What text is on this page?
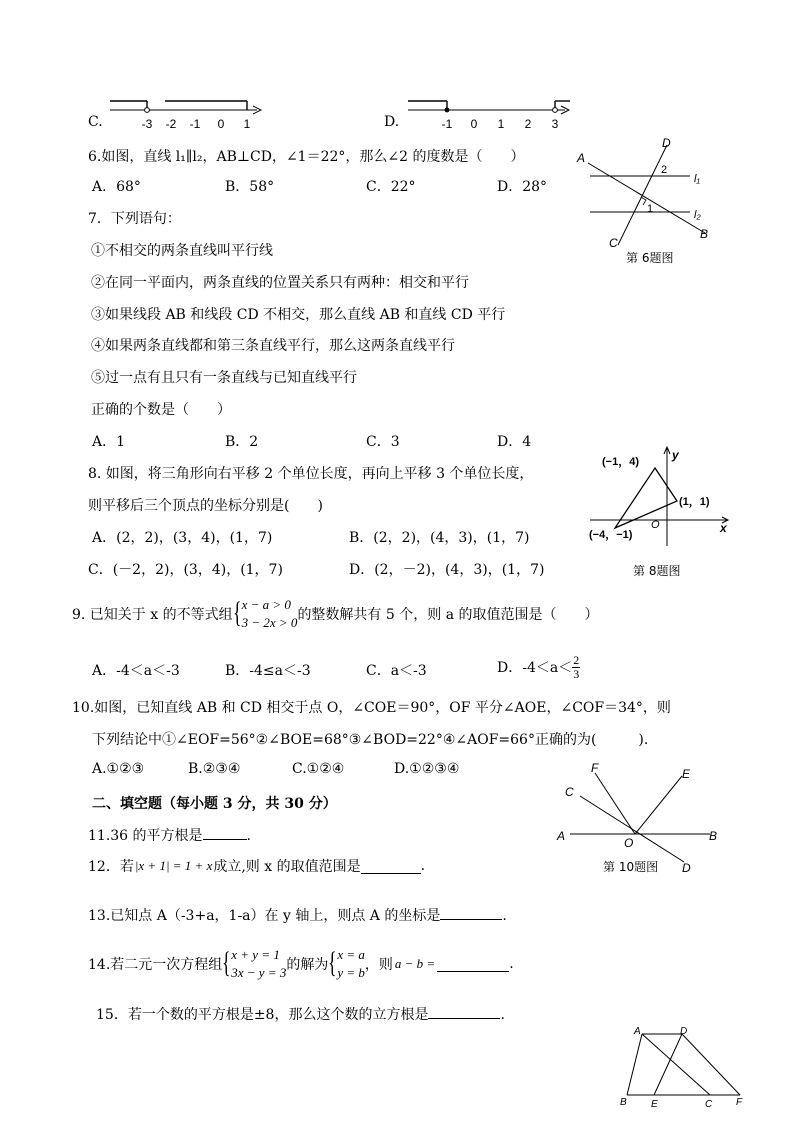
C.	-3 -2 -1 0 1	D.	-1 0 1 2 3
6.如图，直线 l₁∥l₂，AB⊥CD，∠1＝22°，那么∠2 的度数是（　　）
A．68°	B．58°	C．22°	D．28°
A
D
2
l₁
1	l₂
B
C
第 6题图
7．下列语句：
①不相交的两条直线叫平行线
②在同一平面内，两条直线的位置关系只有两种：相交和平行
③如果线段 AB 和线段 CD 不相交，那么直线 AB 和直线 CD 平行
④如果两条直线都和第三条直线平行，那么这两条直线平行
⑤过一点有且只有一条直线与已知直线平行
正确的个数是（　　）
A．1	B．2	C．3	D．4
8. 如图，将三角形向右平移 2 个单位长度，再向上平移 3 个单位长度，
则平移后三个顶点的坐标分别是(　　)
A．(2，2)，(3，4)，(1，7)	B．(2，2)，(4，3)，(1，7)
C．(－2，2)，(3，4)，(1，7)	D．(2，－2)，(4，3)，(1，7)
(−1，4)	y
(1，1)
O	x
(−4，−1)
第 8题图
9. 已知关于 x 的不等式组 { x − a > 0
3 − 2x > 0 的整数解共有 5 个，则 a 的取值范围是（　　）
A．-4＜a＜-3	B．-4≤a＜-3	C．a＜-3	D．$-4<a< \frac{2}{3}$
10.如图，已知直线 AB 和 CD 相交于点 O，∠COE＝90°，OF 平分∠AOE，∠COF＝34°，则
下列结论中①∠EOF=56°②∠BOE=68°③∠BOD=22°④∠AOF=66°正确的为(　　　).
A.①②③	B.②③④	C.①②④	D.①②③④	F	E
C
A	O	B
D
第 10题图
二、填空题（每小题 3 分，共 30 分）
11.36 的平方根是	.
12．若 |x + 1| = 1 + x 成立,则 x 的取值范围是	.
13.已知点 A（-3+a，1-a）在 y 轴上，则点 A 的坐标是	.
14.若二元一次方程组 { x + y = 1
3x − y = 3 的解为 { x = a
y = b ，则 a − b =	.
15．若一个数的平方根是±8，那么这个数的立方根是	.
A	D
B E	C F
